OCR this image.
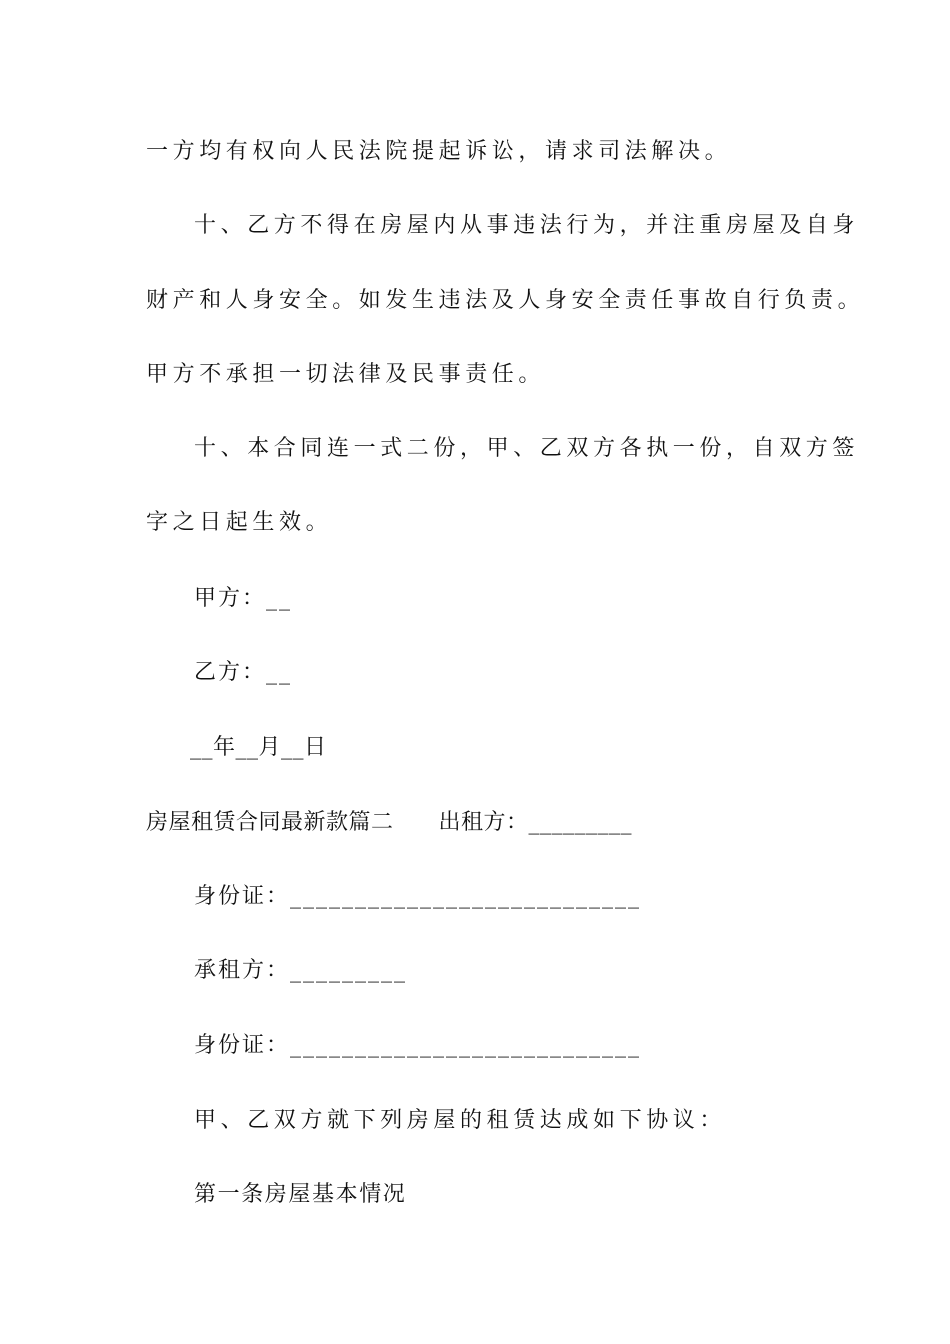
一方均有权向人民法院提起诉讼，请求司法解决。
十、乙方不得在房屋内从事违法行为，并注重房屋及自身
财产和人身安全。如发生违法及人身安全责任事故自行负责。
甲方不承担一切法律及民事责任。
十、本合同连一式二份，甲、乙双方各执一份，自双方签
字之日起生效。
甲方：__
乙方：__
__年__月__日
房屋租赁合同最新款篇二　　出租方：_________
身份证：___________________________
承租方：_________
身份证：___________________________
甲、乙双方就下列房屋的租赁达成如下协议：
第一条房屋基本情况
